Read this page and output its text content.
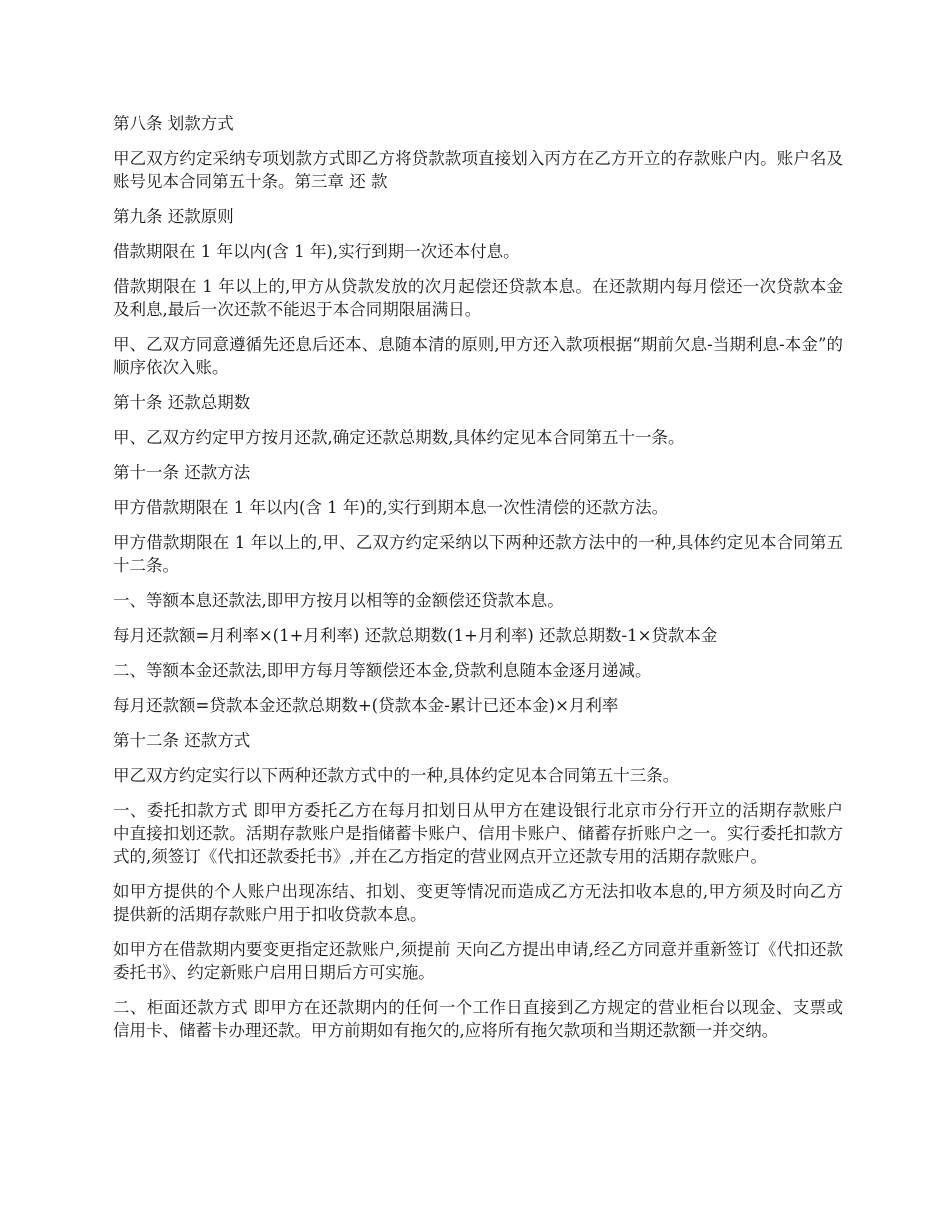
第八条 划款方式

甲乙双方约定采纳专项划款方式即乙方将贷款款项直接划入丙方在乙方开立的存款账户内。账户名及账号见本合同第五十条。第三章 还 款

第九条 还款原则

借款期限在 1 年以内(含 1 年),实行到期一次还本付息。

借款期限在 1 年以上的,甲方从贷款发放的次月起偿还贷款本息。在还款期内每月偿还一次贷款本金及利息,最后一次还款不能迟于本合同期限届满日。

甲、乙双方同意遵循先还息后还本、息随本清的原则,甲方还入款项根据“期前欠息-当期利息-本金”的顺序依次入账。

第十条 还款总期数

甲、乙双方约定甲方按月还款,确定还款总期数,具体约定见本合同第五十一条。

第十一条 还款方法

甲方借款期限在 1 年以内(含 1 年)的,实行到期本息一次性清偿的还款方法。

甲方借款期限在 1 年以上的,甲、乙双方约定采纳以下两种还款方法中的一种,具体约定见本合同第五十二条。

一、等额本息还款法,即甲方按月以相等的金额偿还贷款本息。

每月还款额=月利率×(1+月利率) 还款总期数(1+月利率) 还款总期数-1×贷款本金

二、等额本金还款法,即甲方每月等额偿还本金,贷款利息随本金逐月递减。

每月还款额=贷款本金还款总期数+(贷款本金-累计已还本金)×月利率

第十二条 还款方式

甲乙双方约定实行以下两种还款方式中的一种,具体约定见本合同第五十三条。

一、委托扣款方式 即甲方委托乙方在每月扣划日从甲方在建设银行北京市分行开立的活期存款账户中直接扣划还款。活期存款账户是指储蓄卡账户、信用卡账户、储蓄存折账户之一。实行委托扣款方式的,须签订《代扣还款委托书》,并在乙方指定的营业网点开立还款专用的活期存款账户。

如甲方提供的个人账户出现冻结、扣划、变更等情况而造成乙方无法扣收本息的,甲方须及时向乙方提供新的活期存款账户用于扣收贷款本息。

如甲方在借款期内要变更指定还款账户,须提前 天向乙方提出申请,经乙方同意并重新签订《代扣还款委托书》、约定新账户启用日期后方可实施。

二、柜面还款方式 即甲方在还款期内的任何一个工作日直接到乙方规定的营业柜台以现金、支票或信用卡、储蓄卡办理还款。甲方前期如有拖欠的,应将所有拖欠款项和当期还款额一并交纳。
